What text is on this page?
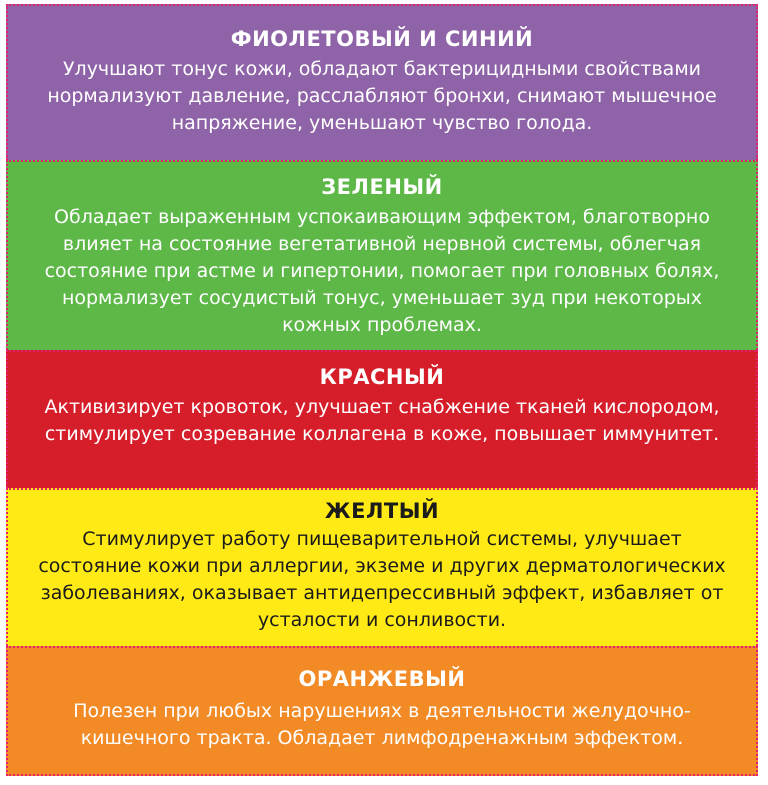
ФИОЛЕТОВЫЙ И СИНИЙ
Улучшают тонус кожи, обладают бактерицидными свойствами нормализуют давление, расслабляют бронхи, снимают мышечное напряжение, уменьшают чувство голода.
ЗЕЛЕНЫЙ
Обладает выраженным успокаивающим эффектом, благотворно влияет на состояние вегетативной нервной системы, облегчая состояние при астме и гипертонии, помогает при головных болях, нормализует сосудистый тонус, уменьшает зуд при некоторых кожных проблемах.
КРАСНЫЙ
Активизирует кровоток, улучшает снабжение тканей кислородом, стимулирует созревание коллагена в коже, повышает иммунитет.
ЖЕЛТЫЙ
Стимулирует работу пищеварительной системы, улучшает состояние кожи при аллергии, экземе и других дерматологических заболеваниях, оказывает антидепрессивный эффект, избавляет от усталости и сонливости.
ОРАНЖЕВЫЙ
Полезен при любых нарушениях в деятельности желудочно-кишечного тракта. Обладает лимфодренажным эффектом.
